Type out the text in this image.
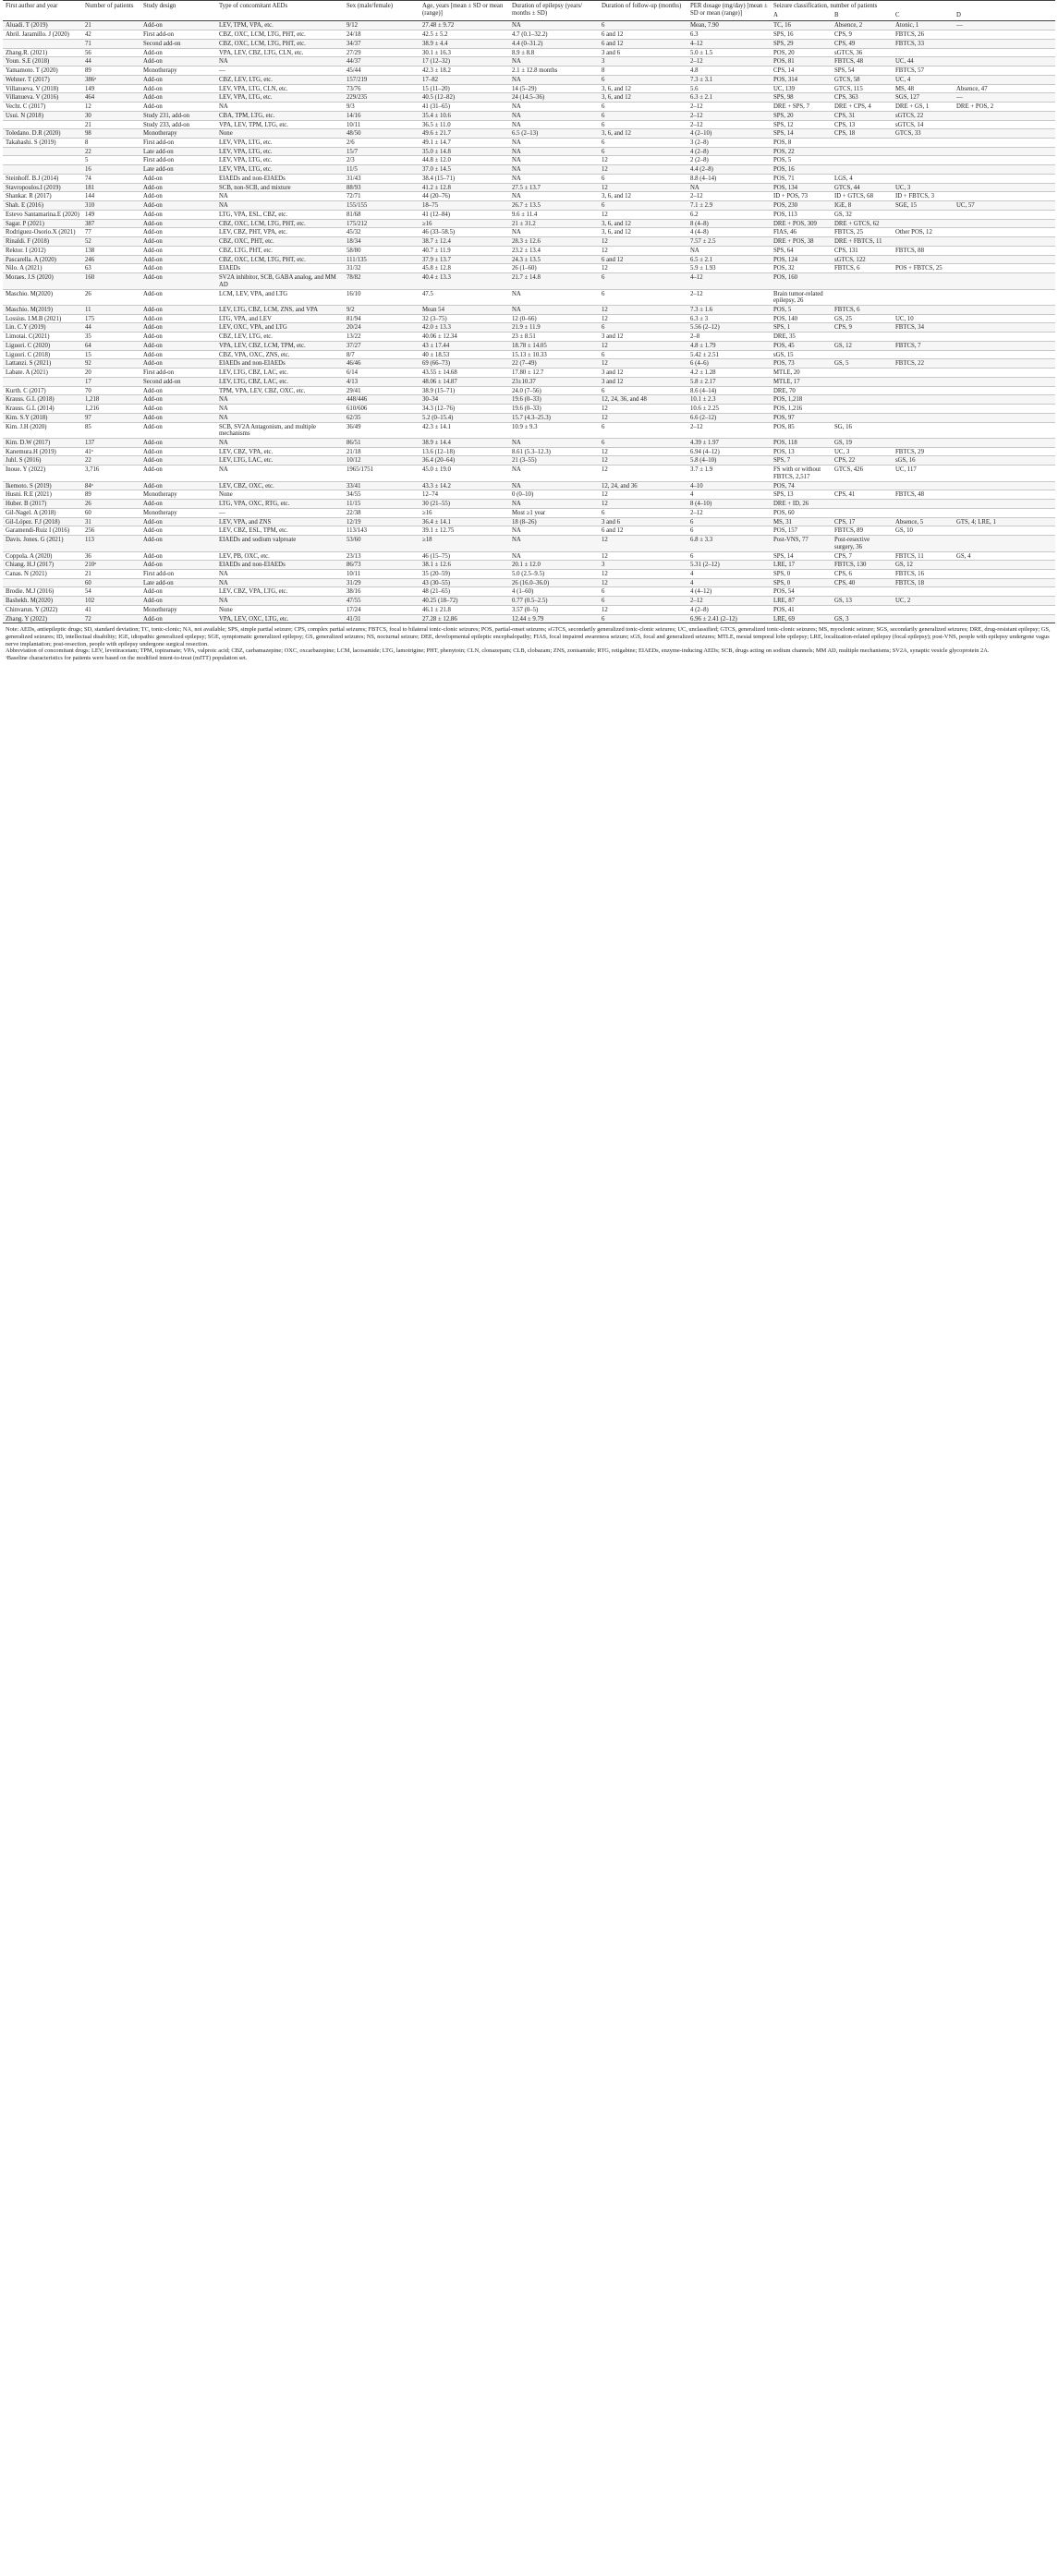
First author and year	Number of patients	Study design	Type of concomitant AEDs	Sex (male/female)	Age, years [mean ± SD or mean (range)]	Duration of epilepsy (years/ months ± SD)	Duration of follow-up (months)	PER dosage (mg/day) [mean ± SD or mean (range)]	Seizure classification, number of patients			
									A	B	C	D
Aluadi. T (2019)	21	Add-on	LEV, TPM, VPA, etc.	9/12	27.48 ± 9.72	NA	6	Mean, 7.90	TC, 16	Absence, 2	Atonic, 1	—
Abril. Jaramillo. J (2020)	42	First add-on	CBZ, OXC, LCM, LTG, PHT, etc.	24/18	42.5 ± 5.2	4.7 (0.1–32.2)	6 and 12	6.3	SPS, 16	CPS, 9	FBTCS, 26	
	71	Second add-on	CBZ, OXC, LCM, LTG, PHT, etc.	34/37	38.9 ± 4.4	4.4 (0–31.2)	6 and 12	4–12	SPS, 29	CPS, 49	FBTCS, 33	
Zhang.R. (2021)	56	Add-on	VPA, LEV, CBZ, LTG, CLN, etc.	27/29	30.1 ± 16.3	8.9 ± 8.8	3 and 6	5.0 ± 1.5	POS, 20	sGTCS, 36		
Youn. S.E (2018)	44	Add-on	NA	44/37	17 (12–32)	NA	3	2–12	POS, 81	FBTCS, 48	UC, 44	
Yamamoto. T (2020)	89	Monotherapy	—	45/44	42.3 ± 18.2	2.1 ± 12.8 months	8	4.8	CPS, 14	SPS, 54	FBTCS, 57	
Wehner. T (2017)	386ᵃ	Add-on	CBZ, LEV, LTG, etc.	157/219	17–82	NA	6	7.3 ± 3.1	POS, 314	GTCS, 58	UC, 4	
Villanueva. V (2018)	149	Add-on	LEV, VPA, LTG, CLN, etc.	73/76	15 (11–20)	14 (5–29)	3, 6, and 12	5.6	UC, 139	GTCS, 115	MS, 48	Absence, 47
Villanueva. V (2016)	464	Add-on	LEV, VPA, LTG, etc.	229/235	40.5 (12–82)	24 (14.5–36)	3, 6, and 12	6.3 ± 2.1	SPS, 98	CPS, 363	SGS, 127	—
Vecht. C (2017)	12	Add-on	NA	9/3	41 (31–65)	NA	6	2–12	DRE + SPS, 7	DRE + CPS, 4	DRE + GS, 1	DRE + POS, 2
Usui. N (2018)	30	Study 231, add-on	CBA, TPM, LTG, etc.	14/16	35.4 ± 10.6	NA	6	2–12	SPS, 20	CPS, 31	sGTCS, 22	
	21	Study 233, add-on	VPA, LEV, TPM, LTG, etc.	10/11	36.5 ± 11.0	NA	6	2–12	SPS, 12	CPS, 13	sGTCS, 14	
Toledano. D.R (2020)	98	Monotherapy	None	48/50	49.6 ± 21.7	6.5 (2–13)	3, 6, and 12	4 (2–10)	SPS, 14	CPS, 18	GTCS, 33	
Takahashi. S (2019)	8	First add-on	LEV, VPA, LTG, etc.	2/6	49.1 ± 14.7	NA	6	3 (2–8)	POS, 8			
	22	Late add-on	LEV, VPA, LTG, etc.	15/7	35.0 ± 14.8	NA	6	4 (2–8)	POS, 22			
	5	First add-on	LEV, VPA, LTG, etc.	2/3	44.8 ± 12.0	NA	12	2 (2–8)	POS, 5			
	16	Late add-on	LEV, VPA, LTG, etc.	11/5	37.0 ± 14.5	NA	12	4.4 (2–8)	POS, 16			
Steinhoff. B.J (2014)	74	Add-on	EIAEDs and non-EIAEDs	31/43	38.4 (15–71)	NA	6	8.8 (4–14)	POS, 71	LGS, 4		
Stavropoulos.I (2019)	181	Add-on	SCB, non-SCB, and mixture	88/93	41.2 ± 12.8	27.5 ± 13.7	12	NA	POS, 134	GTCS, 44	UC, 3	
Shankar. R (2017)	144	Add-on	NA	72/71	44 (20–76)	NA	3, 6, and 12	2–12	ID + POS, 73	ID + GTCS, 68	ID + FBTCS, 3	
Shah. E (2016)	310	Add-on	NA	155/155	18–75	26.7 ± 13.5	6	7.1 ± 2.9	POS, 230	IGE, 8	SGE, 15	UC, 57
Estevo Santamarina.E (2020)	149	Add-on	LTG, VPA, ESL, CBZ, etc.	81/68	41 (12–84)	9.6 ± 11.4	12	6.2	POS, 113	GS, 32		
Sagar. P (2021)	387	Add-on	CBZ, OXC, LCM, LTG, PHT, etc.	175/212	≥16	21 ± 31.2	3, 6, and 12	8 (4–8)	DRE + POS, 309	DRE + GTCS, 62		
Rodriguez-Osorio.X (2021)	77	Add-on	LEV, CBZ, PHT, VPA, etc.	45/32	46 (33–58.5)	NA	3, 6, and 12	4 (4–8)	FIAS, 46	FBTCS, 25	Other POS, 12	
Rinaldi. F (2018)	52	Add-on	CBZ, OXC, PHT, etc.	18/34	38.7 ± 12.4	28.3 ± 12.6	12	7.57 ± 2.5	DRE + POS, 38	DRE + FBTCS, 11		
Rektor. I (2012)	138	Add-on	CBZ, LTG, PHT, etc.	58/80	40.7 ± 11.9	23.2 ± 13.4	12	NA	SPS, 64	CPS, 131	FBTCS, 88	
Pascarella. A (2020)	246	Add-on	CBZ, OXC, LCM, LTG, PHT, etc.	111/135	37.9 ± 13.7	24.3 ± 13.5	6 and 12	6.5 ± 2.1	POS, 124	sGTCS, 122		
Nilo. A (2021)	63	Add-on	EIAEDs	31/32	45.8 ± 12.8	26 (1–60)	12	5.9 ± 1.93	POS, 32	FBTCS, 6	POS + FBTCS, 25	
Moraes. J.S (2020)	160	Add-on	SV2A inhibitor, SCB, GABA analog, and MM AD	78/82	40.4 ± 13.3	21.7 ± 14.8	6	4–12	POS, 160			
Maschio. M(2020)	26	Add-on	LCM, LEV, VPA, and LTG	16/10	47.5	NA	6	2–12	Brain tumor-related epilepsy, 26			
Maschio. M(2019)	11	Add-on	LEV, LTG, CBZ, LCM, ZNS, and VPA	9/2	Mean 54	NA	12	7.3 ± 1.6	POS, 5	FBTCS, 6		
Lossius. I.M.B (2021)	175	Add-on	LTG, VPA, and LEV	81/94	32 (3–75)	12 (0–66)	12	6.3 ± 3	POS, 140	GS, 25	UC, 10	
Lin. C.Y (2019)	44	Add-on	LEV, OXC, VPA, and LTG	20/24	42.0 ± 13.3	21.9 ± 11.9	6	5.56 (2–12)	SPS, 1	CPS, 9	FBTCS, 34	
Limotai. C(2021)	35	Add-on	CBZ, LEV, LTG, etc.	13/22	40.06 ± 12.34	23 ± 8.51	3 and 12	2–8	DRE, 35			
Liguori. C (2020)	64	Add-on	VPA, LEV, CBZ, LCM, TPM, etc.	37/27	43 ± 17.44	18.78 ± 14.05	12	4.8 ± 1.79	POS, 45	GS, 12	FBTCS, 7	
Liguori. C (2018)	15	Add-on	CBZ, VPA, OXC, ZNS, etc.	8/7	40 ± 18.53	15.13 ± 10.33	6	5.42 ± 2.51	sGS, 15			
Lattanzi. S (2021)	92	Add-on	EIAEDs and non-EIAEDs	46/46	69 (66–73)	22 (7–49)	12	6 (4–6)	POS, 73	GS, 5	FBTCS, 22	
Labate. A (2021)	20	First add-on	LEV, LTG, CBZ, LAC, etc.	6/14	43.55 ± 14.68	17.80 ± 12.7	3 and 12	4.2 ± 1.28	MTLE, 20			
	17	Second add-on	LEV, LTG, CBZ, LAC, etc.	4/13	48.06 ± 14.87	23±10.37	3 and 12	5.8 ± 2.17	MTLE, 17			
Kurth. C (2017)	70	Add-on	TPM, VPA, LEV, CBZ, OXC, etc.	29/41	38.9 (15–71)	24.0 (7–56)	6	8.6 (4–14)	DRE, 70			
Krauss. G.L (2018)	1,218	Add-on	NA	448/446	30–34	19.6 (0–33)	12, 24, 36, and 48	10.1 ± 2.3	POS, 1,218			
Krauss. G.L (2014)	1,216	Add-on	NA	610/606	34.3 (12–76)	19.6 (0–33)	12	10.6 ± 2.25	POS, 1,216			
Kim. S.Y (2018)	97	Add-on	NA	62/35	5.2 (0–15.4)	15.7 (4.3–25.3)	12	6.6 (2–12)	POS, 97			
Kim. J.H (2020)	85	Add-on	SCB, SV2A Antagonism, and multiple mechanisms	36/49	42.3 ± 14.1	10.9 ± 9.3	6	2–12	POS, 85	SG, 16		
Kim. D.W (2017)	137	Add-on	NA	86/51	38.9 ± 14.4	NA	6	4.39 ± 1.97	POS, 118	GS, 19		
Kanemura.H (2019)	41ᵃ	Add-on	LEV, CBZ, VPA, etc.	21/18	13.6 (12–18)	8.61 (5.3–12.3)	12	6.94 (4–12)	POS, 13	UC, 3	FBTCS, 29	
Juhl. S (2016)	22	Add-on	LEV, LTG, LAC, etc.	10/12	36.4 (20–64)	21 (3–55)	12	5.8 (4–10)	SPS, 7	CPS, 22	sGS, 16	
Inoue. Y (2022)	3,716	Add-on	NA	1965/1751	45.0 ± 19.0	NA	12	3.7 ± 1.9	FS with or without FBTCS, 2,517	GTCS, 426	UC, 117	
Ikemoto. S (2019)	84ᵃ	Add-on	LEV, CBZ, OXC, etc.	33/41	43.3 ± 14.2	NA	12, 24, and 36	4–10	POS, 74			
Husni. R.E (2021)	89	Monotherapy	None	34/55	12–74	0 (0–10)	12	4	SPS, 13	CPS, 41	FBTCS, 48	
Huber. B (2017)	26	Add-on	LTG, VPA, OXC, RTG, etc.	11/15	30 (21–55)	NA	12	8 (4–10)	DRE + ID, 26			
Gil-Nagel. A (2018)	60	Monotherapy	—	22/38	≥16	Most ≥1 year	6	2–12	POS, 60			
Gil-López. F.J (2018)	31	Add-on	LEV, VPA, and ZNS	12/19	36.4 ± 14.1	18 (8–26)	3 and 6	6	MS, 31	CPS, 17	Absence, 5	GTS, 4; LRE, 1
Garamendi-Ruiz I (2016)	256	Add-on	LEV, CBZ, ESL, TPM, etc.	113/143	39.1 ± 12.75	NA	6 and 12	6	POS, 157	FBTCS, 89	GS, 10	
Davis. Jones. G (2021)	113	Add-on	EIAEDs and sodium valproate	53/60	≥18	NA	12	6.8 ± 3.3	Post-VNS, 77	Post-resective surgery, 36		
Coppola. A (2020)	36	Add-on	LEV, PB, OXC, etc.	23/13	46 (15–75)	NA	12	6	SPS, 14	CPS, 7	FBTCS, 11	GS, 4
Chiang. H.J (2017)	210ᵃ	Add-on	EIAEDs and non-EIAEDs	86/73	38.1 ± 12.6	20.1 ± 12.0	3	5.31 (2–12)	LRE, 17	FBTCS, 130	GS, 12	
Canas. N (2021)	21	First add-on	NA	10/11	35 (20–59)	5.0 (2.5–9.5)	12	4	SPS, 0	CPS, 6	FBTCS, 16	
	60	Late add-on	NA	31/29	43 (30–55)	26 (16.0–36.0)	12	4	SPS, 0	CPS, 40	FBTCS, 18	
Brodie. M.J (2016)	54	Add-on	LEV, CBZ, VPA, LTG, etc.	38/16	48 (21–65)	4 (1–60)	6	4 (4–12)	POS, 54			
Bashekh. M(2020)	102	Add-on	NA	47/55	40.25 (18–72)	0.77 (0.5–2.5)	6	2–12	LRE, 87	GS, 13	UC, 2	
Chinvarun. Y (2022)	41	Monotherapy	None	17/24	46.1 ± 21.8	3.57 (0–5)	12	4 (2–8)	POS, 41			
Zhang. Y (2022)	72	Add-on	VPA, LEV, OXC, LTG, etc.	41/31	27.28 ± 12.86	12.44 ± 9.79	6	6.96 ± 2.41 (2–12)	LRE, 69	GS, 3		

Note: AEDs, antiepileptic drugs; SD, standard deviation; TC, tonic-clonic; NA, not available; SPS, simple partial seizure; CPS, complex partial seizures; FBTCS, focal to bilateral tonic-clonic seizures; POS, partial-onset seizures; sGTCS, secondarily generalized tonic-clonic seizures; UC, unclassified; GTCS, generalized tonic-clonic seizures; MS, myoclonic seizure; SGS, secondarily generalized seizures; DRE, drug-resistant epilepsy; GS, generalized seizures; ID, intellectual disability; IGE, idiopathic generalized epilepsy; SGE, symptomatic generalized epilepsy; GS, generalized seizures; NS, nocturnal seizure; DEE, developmental epileptic encephalopathy; FIAS, focal impaired awareness seizure; sGS, focal and generalized seizures; MTLE, mesial temporal lobe epilepsy; LRE, localization-related epilepsy (focal epilepsy); post-VNS, people with epilepsy undergone vagus nerve implantation; post-resection, people with epilepsy undergone surgical resection.

Abbreviation of concomitant drugs: LEV, levetiracetam; TPM, topiramate; VPA, valproic acid; CBZ, carbamazepine; OXC, oxcarbazepine; LCM, lacosamide; LTG, lamotrigine; PHT, phenytoin; CLN, clonazepam; CLB, clobazam; ZNS, zonisamide; RTG, retigabine; EIAEDs, enzyme-inducing AEDs; SCB, drugs acting on sodium channels; MM AD, multiple mechanisms; SV2A, synaptic vesicle glycoprotein 2A.

ᵃBaseline characteristics for patients were based on the modified intent-to-treat (mITT) population set.
